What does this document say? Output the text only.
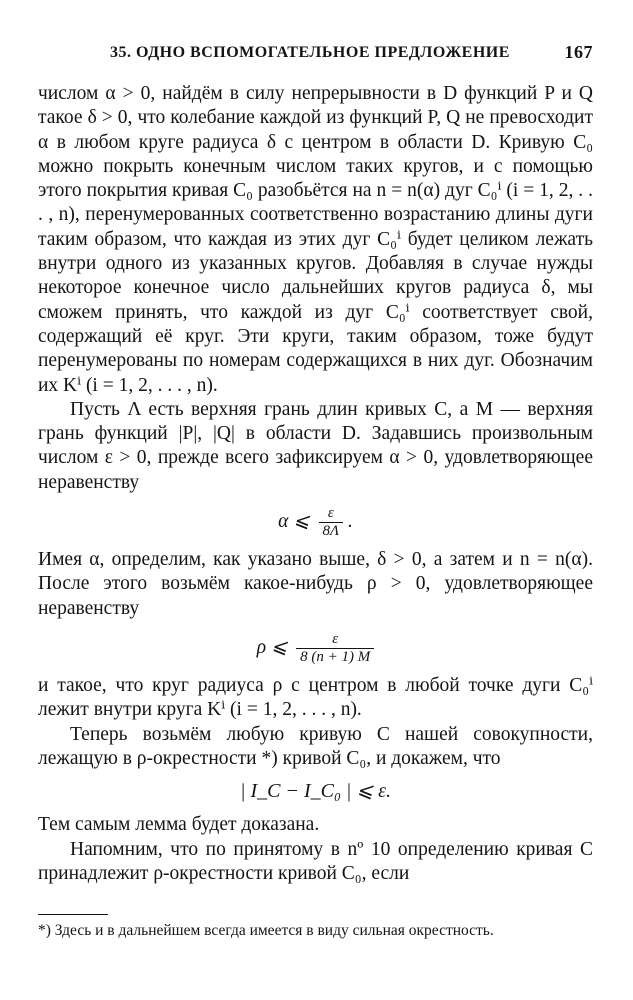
35. ОДНО ВСПОМОГАТЕЛЬНОЕ ПРЕДЛОЖЕНИЕ	167

числом α > 0, найдём в силу непрерывности в D функций P и Q такое δ > 0, что колебание каждой из функций P, Q не превосходит α в любом круге радиуса δ с центром в области D. Кривую C₀ можно покрыть конечным числом таких кругов, и с помощью этого покрытия кривая C₀ разобьётся на n = n(α) дуг C₀ⁱ (i = 1, 2, . . . , n), перенумерованных соответственно возрастанию длины дуги таким образом, что каждая из этих дуг C₀ⁱ будет целиком лежать внутри одного из указанных кругов. Добавляя в случае нужды некоторое конечное число дальнейших кругов радиуса δ, мы сможем принять, что каждой из дуг C₀ⁱ соответствует свой, содержащий её круг. Эти круги, таким образом, тоже будут перенумерованы по номерам содержащихся в них дуг. Обозначим их Kⁱ (i = 1, 2, . . . , n).

Пусть Λ есть верхняя грань длин кривых C, а M — верхняя грань функций |P|, |Q| в области D. Задавшись произвольным числом ε > 0, прежде всего зафиксируем α > 0, удовлетворяющее неравенству

α ⩽ $\frac{\varepsilon}{8\Lambda}$ .

Имея α, определим, как указано выше, δ > 0, а затем и n = n(α). После этого возьмём какое-нибудь ρ > 0, удовлетворяющее неравенству

ρ ⩽ $\frac{\varepsilon}{8 (n + 1) M}$

и такое, что круг радиуса ρ с центром в любой точке дуги C₀ⁱ лежит внутри круга Kⁱ (i = 1, 2, . . . , n).

Теперь возьмём любую кривую C нашей совокупности, лежащую в ρ-окрестности *) кривой C₀, и докажем, что

| I_C − I_C₀ | ⩽ ε.

Тем самым лемма будет доказана.

Напомним, что по принятому в nº 10 определению кривая C принадлежит ρ-окрестности кривой C₀, если

*) Здесь и в дальнейшем всегда имеется в виду сильная окрестность.
